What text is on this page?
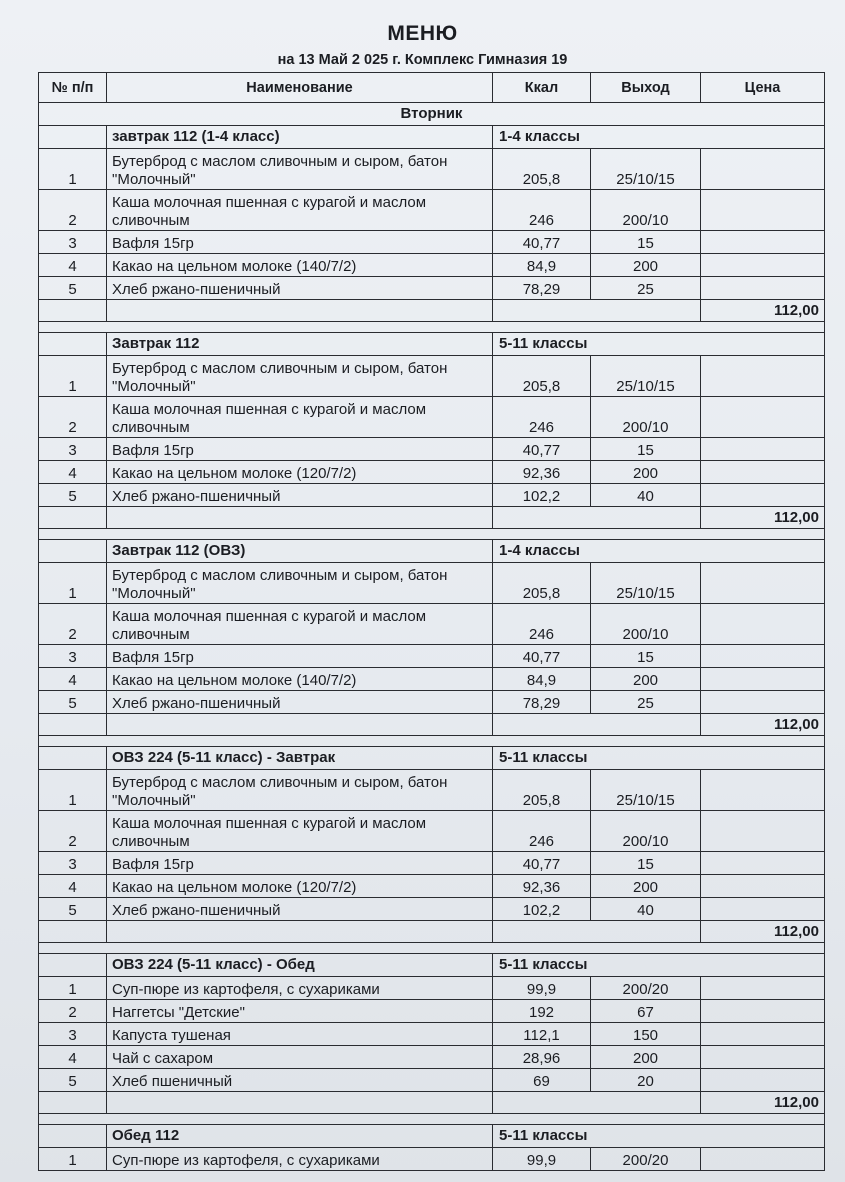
МЕНЮ
на 13 Май 2 025 г. Комплекс Гимназия 19
№ п/п	Наименование	Ккал	Выход	Цена
Вторник				
	завтрак 112 (1-4 класс)	1-4 классы		
1	Бутерброд с маслом сливочным и сыром, батон "Молочный"	205,8	25/10/15	
2	Каша молочная пшенная с курагой и маслом сливочным	246	200/10	
3	Вафля 15гр	40,77	15	
4	Какао на цельном молоке (140/7/2)	84,9	200	
5	Хлеб ржано-пшеничный	78,29	25	
				112,00

	Завтрак 112	5-11 классы		
1	Бутерброд с маслом сливочным и сыром, батон "Молочный"	205,8	25/10/15	
2	Каша молочная пшенная с курагой и маслом сливочным	246	200/10	
3	Вафля 15гр	40,77	15	
4	Какао на цельном молоке (120/7/2)	92,36	200	
5	Хлеб ржано-пшеничный	102,2	40	
				112,00

	Завтрак 112 (ОВЗ)	1-4 классы		
1	Бутерброд с маслом сливочным и сыром, батон "Молочный"	205,8	25/10/15	
2	Каша молочная пшенная с курагой и маслом сливочным	246	200/10	
3	Вафля 15гр	40,77	15	
4	Какао на цельном молоке (140/7/2)	84,9	200	
5	Хлеб ржано-пшеничный	78,29	25	
				112,00

	ОВЗ 224 (5-11 класс) - Завтрак	5-11 классы		
1	Бутерброд с маслом сливочным и сыром, батон "Молочный"	205,8	25/10/15	
2	Каша молочная пшенная с курагой и маслом сливочным	246	200/10	
3	Вафля 15гр	40,77	15	
4	Какао на цельном молоке (120/7/2)	92,36	200	
5	Хлеб ржано-пшеничный	102,2	40	
				112,00

	ОВЗ 224 (5-11 класс) - Обед	5-11 классы		
1	Суп-пюре из картофеля, с сухариками	99,9	200/20	
2	Наггетсы "Детские"	192	67	
3	Капуста тушеная	112,1	150	
4	Чай с сахаром	28,96	200	
5	Хлеб пшеничный	69	20	
				112,00

	Обед 112	5-11 классы		
1	Суп-пюре из картофеля, с сухариками	99,9	200/20	
